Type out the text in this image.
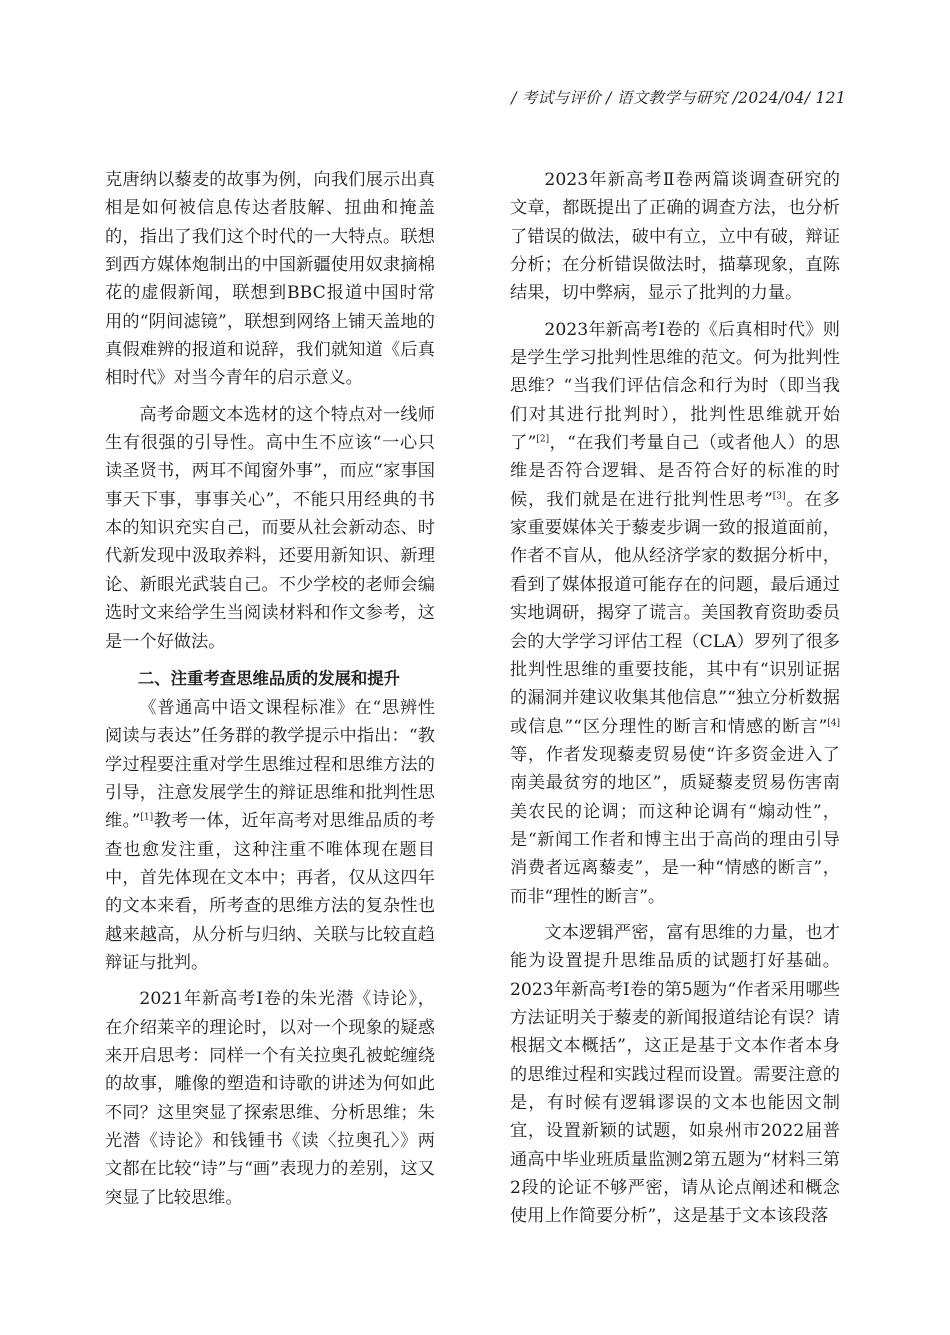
/ 考试与评价 / 语文教学与研究 /2024/04/ 121

克唐纳以藜麦的故事为例，向我们展示出真相是如何被信息传达者肢解、扭曲和掩盖的，指出了我们这个时代的一大特点。联想到西方媒体炮制出的中国新疆使用奴隶摘棉花的虚假新闻，联想到BBC报道中国时常用的“阴间滤镜”，联想到网络上铺天盖地的真假难辨的报道和说辞，我们就知道《后真相时代》对当今青年的启示意义。

高考命题文本选材的这个特点对一线师生有很强的引导性。高中生不应该“一心只读圣贤书，两耳不闻窗外事”，而应“家事国事天下事，事事关心”，不能只用经典的书本的知识充实自己，而要从社会新动态、时代新发现中汲取养料，还要用新知识、新理论、新眼光武装自己。不少学校的老师会编选时文来给学生当阅读材料和作文参考，这是一个好做法。

二、注重考查思维品质的发展和提升

《普通高中语文课程标准》在“思辨性阅读与表达”任务群的教学提示中指出：“教学过程要注重对学生思维过程和思维方法的引导，注意发展学生的辩证思维和批判性思维。”[1]教考一体，近年高考对思维品质的考查也愈发注重，这种注重不唯体现在题目中，首先体现在文本中；再者，仅从这四年的文本来看，所考查的思维方法的复杂性也越来越高，从分析与归纳、关联与比较直趋辩证与批判。

2021年新高考Ⅰ卷的朱光潜《诗论》，在介绍莱辛的理论时，以对一个现象的疑惑来开启思考：同样一个有关拉奥孔被蛇缠绕的故事，雕像的塑造和诗歌的讲述为何如此不同？这里突显了探索思维、分析思维；朱光潜《诗论》和钱锺书《读〈拉奥孔〉》两文都在比较“诗”与“画”表现力的差别，这又突显了比较思维。

2023年新高考Ⅱ卷两篇谈调查研究的文章，都既提出了正确的调查方法，也分析了错误的做法，破中有立，立中有破，辩证分析；在分析错误做法时，描摹现象，直陈结果，切中弊病，显示了批判的力量。

2023年新高考Ⅰ卷的《后真相时代》则是学生学习批判性思维的范文。何为批判性思维？“当我们评估信念和行为时（即当我们对其进行批判时），批判性思维就开始了”[2]，“在我们考量自己（或者他人）的思维是否符合逻辑、是否符合好的标准的时候，我们就是在进行批判性思考”[3]。在多家重要媒体关于藜麦步调一致的报道面前，作者不盲从，他从经济学家的数据分析中，看到了媒体报道可能存在的问题，最后通过实地调研，揭穿了谎言。美国教育资助委员会的大学学习评估工程（CLA）罗列了很多批判性思维的重要技能，其中有“识别证据的漏洞并建议收集其他信息”“独立分析数据或信息”“区分理性的断言和情感的断言”[4]等，作者发现藜麦贸易使“许多资金进入了南美最贫穷的地区”，质疑藜麦贸易伤害南美农民的论调；而这种论调有“煽动性”，是“新闻工作者和博主出于高尚的理由引导消费者远离藜麦”，是一种“情感的断言”，而非“理性的断言”。

文本逻辑严密，富有思维的力量，也才能为设置提升思维品质的试题打好基础。2023年新高考Ⅰ卷的第5题为“作者采用哪些方法证明关于藜麦的新闻报道结论有误？请根据文本概括”，这正是基于文本作者本身的思维过程和实践过程而设置。需要注意的是，有时候有逻辑谬误的文本也能因文制宜，设置新颖的试题，如泉州市2022届普通高中毕业班质量监测2第五题为“材料三第2段的论证不够严密，请从论点阐述和概念使用上作简要分析”，这是基于文本该段落
